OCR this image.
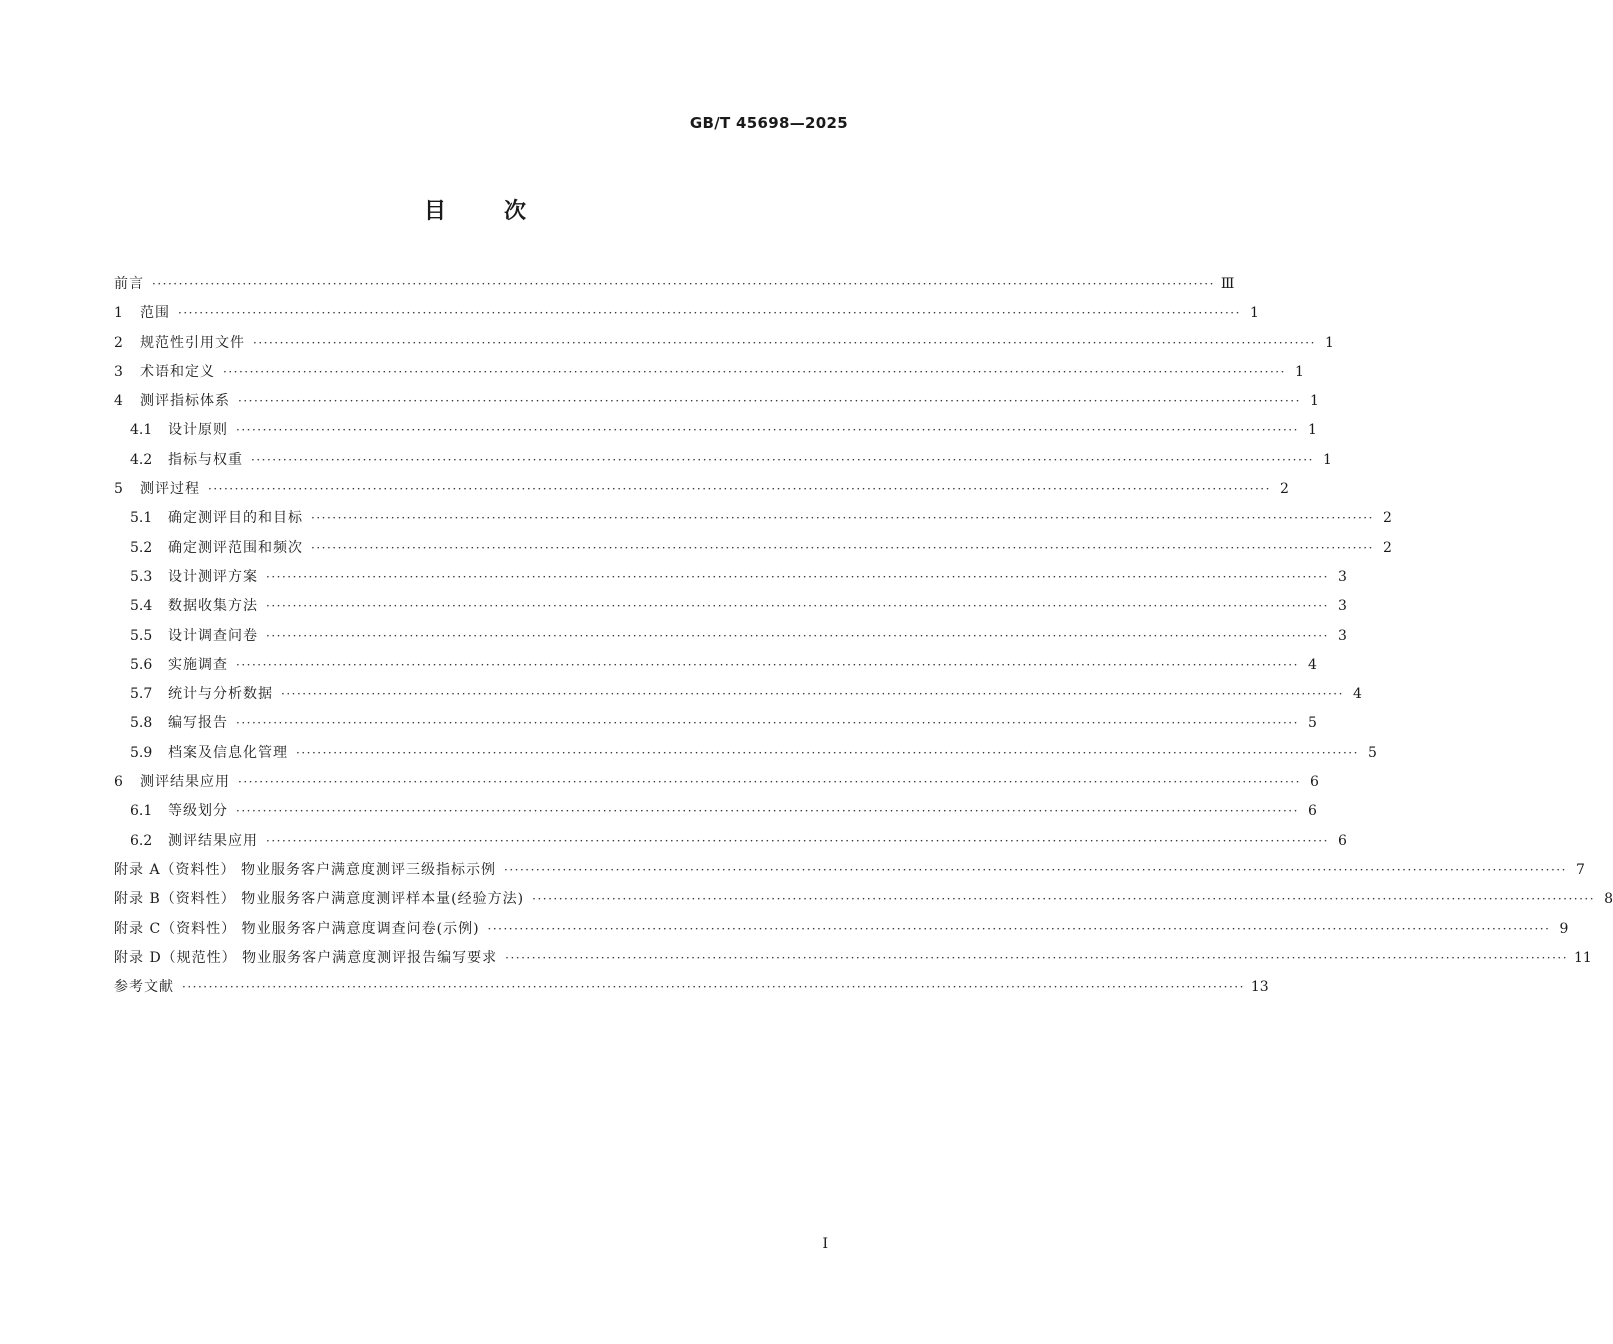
GB/T 45698—2025
目次
前言 ········································································································································································································ Ⅲ
1	范围 ········································································································································································································ 1
2	规范性引用文件 ········································································································································································································ 1
3	术语和定义 ········································································································································································································ 1
4	测评指标体系 ········································································································································································································ 1
4.1	设计原则 ········································································································································································································ 1
4.2	指标与权重 ········································································································································································································ 1
5	测评过程 ········································································································································································································ 2
5.1	确定测评目的和目标 ········································································································································································································ 2
5.2	确定测评范围和频次 ········································································································································································································ 2
5.3	设计测评方案 ········································································································································································································ 3
5.4	数据收集方法 ········································································································································································································ 3
5.5	设计调查问卷 ········································································································································································································ 3
5.6	实施调查 ········································································································································································································ 4
5.7	统计与分析数据 ········································································································································································································ 4
5.8	编写报告 ········································································································································································································ 5
5.9	档案及信息化管理 ········································································································································································································ 5
6	测评结果应用 ········································································································································································································ 6
6.1	等级划分 ········································································································································································································ 6
6.2	测评结果应用 ········································································································································································································ 6
附录 A（资料性） 物业服务客户满意度测评三级指标示例 ········································································································································································································ 7
附录 B（资料性） 物业服务客户满意度测评样本量(经验方法) ········································································································································································································ 8
附录 C（资料性） 物业服务客户满意度调查问卷(示例) ········································································································································································································ 9
附录 D（规范性） 物业服务客户满意度测评报告编写要求 ········································································································································································································ 11
参考文献 ········································································································································································································ 13
Ⅰ
